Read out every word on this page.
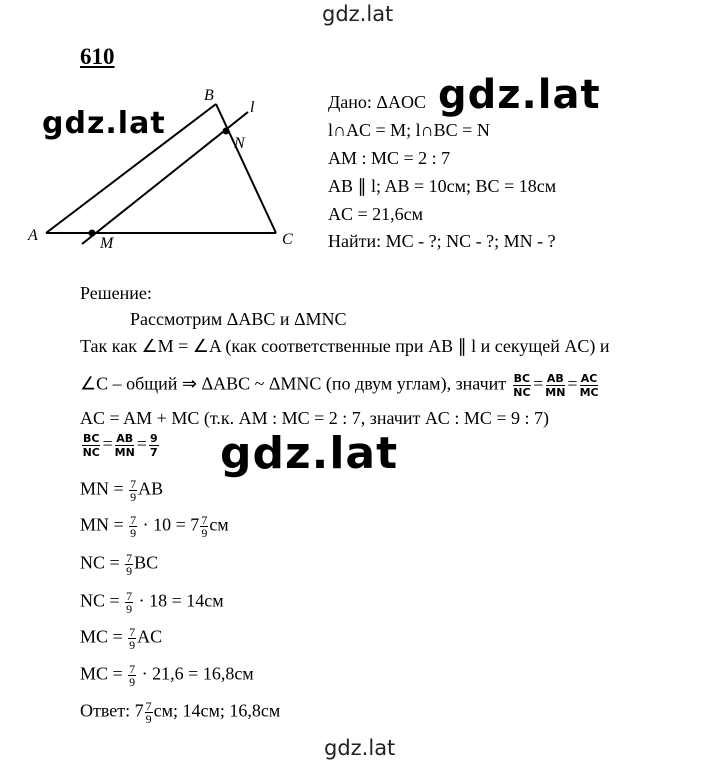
gdz.lat
gdz.lat
gdz.lat
gdz.lat
gdz.lat
610
B
l
N
A	M	C
Дано: ΔAOC
l∩AC = M; l∩BC = N
AM : MC = 2 : 7
AB ∥ l; AB = 10см; BC = 18см
AC = 21,6см
Найти: MC - ?; NC - ?; MN - ?
Решение:
Рассмотрим ΔABC и ΔMNC
Так как ∠M = ∠A (как соответственные при AB ∥ l и секущей AC) и
∠C – общий ⇒ ΔABC ~ ΔMNC (по двум углам), значит $\frac{BC}{NC} = \frac{AB}{MN} = \frac{AC}{MC}$
AC = AM + MC (т.к. AM : MC = 2 : 7, значит AC : MC = 9 : 7)
$\frac{BC}{NC} = \frac{AB}{MN} = \frac{9}{7}$
MN = $\frac{7}{9}$ AB
MN = $\frac{7}{9} \cdot 10 = 7 \frac{7}{9}$ см
NC = $\frac{7}{9}$ BC
NC = $\frac{7}{9} \cdot 18 = 14см$
MC = $\frac{7}{9}$ AC
MC = $\frac{7}{9} \cdot 21,6 = 16,8см$
Ответ: $7 \frac{7}{9}$ см; 14см; 16,8см
